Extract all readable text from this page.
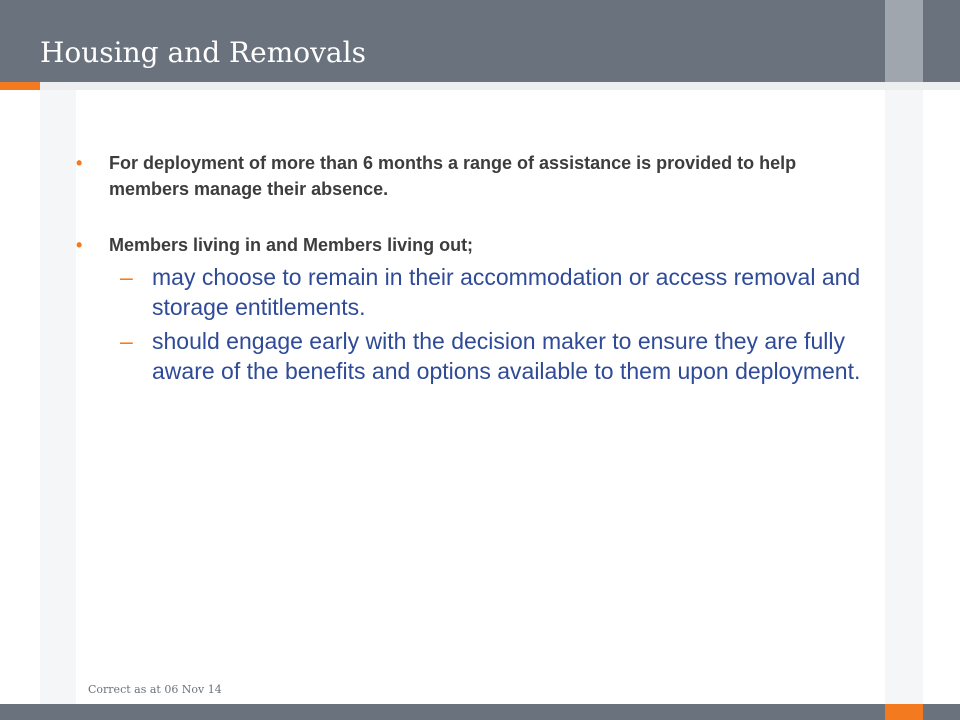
Housing and Removals

• For deployment of more than 6 months a range of assistance is provided to help members manage their absence.

• Members living in and Members living out;

– may choose to remain in their accommodation or access removal and storage entitlements.

– should engage early with the decision maker to ensure they are fully aware of the benefits and options available to them upon deployment.

Correct as at 06 Nov 14
